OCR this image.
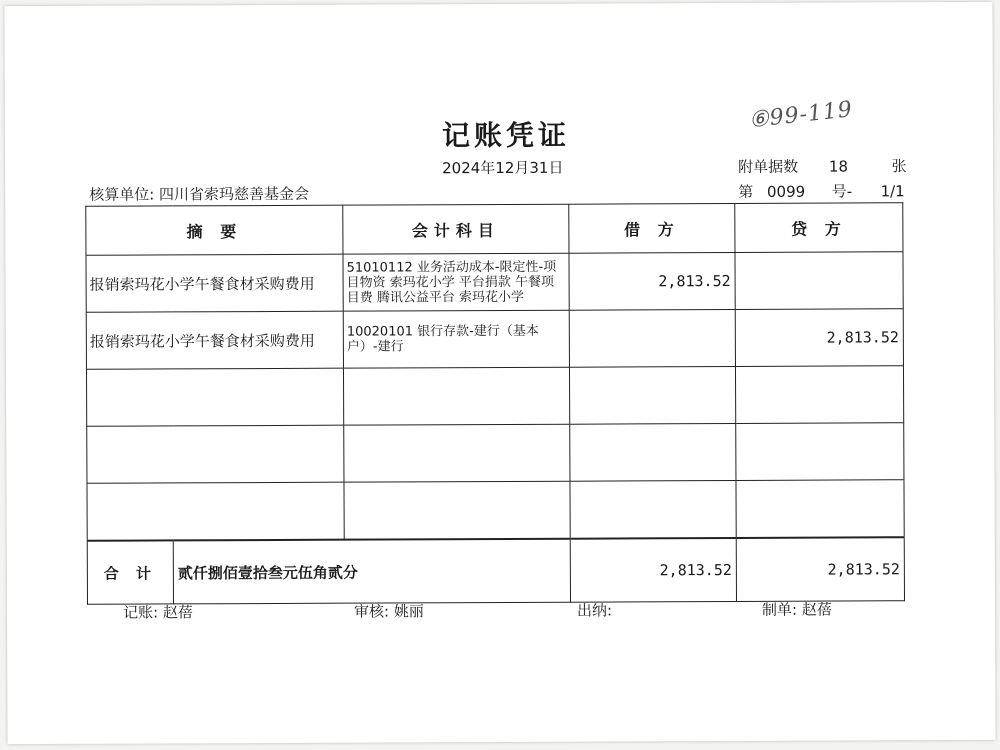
记账凭证
⑥99-119
2024年12月31日	附单据数 18	张
核算单位: 四川省索玛慈善基金会	第 0099 号- 1/1
摘 要		会计科目	借 方	贷 方
报销索玛花小学午餐食材采购费用		51010112 业务活动成本-限定性-项目物资 索玛花小学 平台捐款 午餐项目费 腾讯公益平台 索玛花小学	2,813.52	
报销索玛花小学午餐食材采购费用		10020101 银行存款-建行（基本户）-建行		2,813.52

合 计	贰仟捌佰壹拾叁元伍角贰分		2,813.52	2,813.52
记账: 赵蓓	审核: 姚丽	出纳:	制单: 赵蓓
